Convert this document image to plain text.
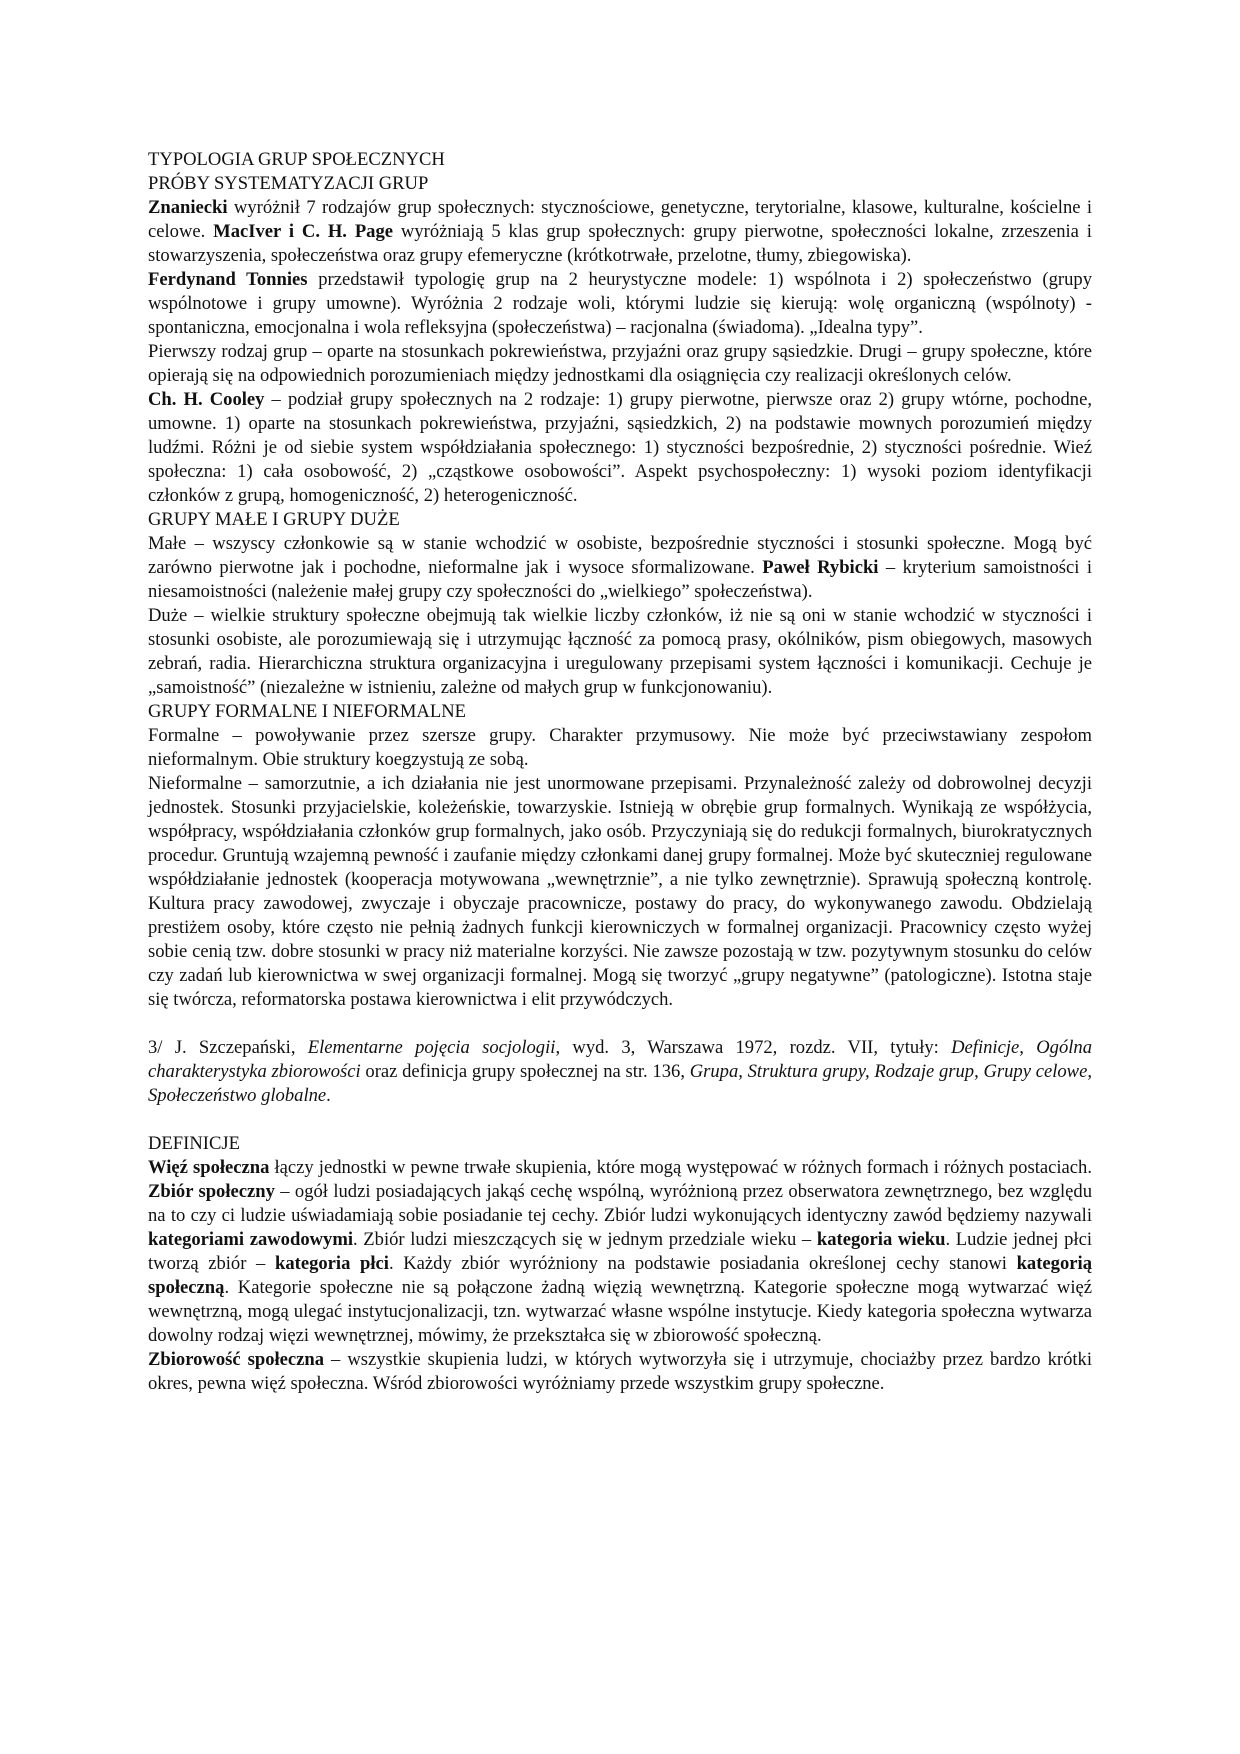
TYPOLOGIA GRUP SPOŁECZNYCH
PRÓBY SYSTEMATYZACJI GRUP

Znaniecki wyróżnił 7 rodzajów grup społecznych: stycznościowe, genetyczne, terytorialne, klasowe, kulturalne, kościelne i celowe. MacIver i C. H. Page wyróżniają 5 klas grup społecznych: grupy pierwotne, społeczności lokalne, zrzeszenia i stowarzyszenia, społeczeństwa oraz grupy efemeryczne (krótkotrwałe, przelotne, tłumy, zbiegowiska).

Ferdynand Tonnies przedstawił typologię grup na 2 heurystyczne modele: 1) wspólnota i 2) społeczeństwo (grupy wspólnotowe i grupy umowne). Wyróżnia 2 rodzaje woli, którymi ludzie się kierują: wolę organiczną (wspólnoty) - spontaniczna, emocjonalna i wola refleksyjna (społeczeństwa) – racjonalna (świadoma). „Idealna typy”.

Pierwszy rodzaj grup – oparte na stosunkach pokrewieństwa, przyjaźni oraz grupy sąsiedzkie. Drugi – grupy społeczne, które opierają się na odpowiednich porozumieniach między jednostkami dla osiągnięcia czy realizacji określonych celów.

Ch. H. Cooley – podział grupy społecznych na 2 rodzaje: 1) grupy pierwotne, pierwsze oraz 2) grupy wtórne, pochodne, umowne. 1) oparte na stosunkach pokrewieństwa, przyjaźni, sąsiedzkich, 2) na podstawie mownych porozumień między ludźmi. Różni je od siebie system współdziałania społecznego: 1) styczności bezpośrednie, 2) styczności pośrednie. Wieź społeczna: 1) cała osobowość, 2) „cząstkowe osobowości”. Aspekt psychospołeczny: 1) wysoki poziom identyfikacji członków z grupą, homogeniczność, 2) heterogeniczność.

GRUPY MAŁE I GRUPY DUŻE

Małe – wszyscy członkowie są w stanie wchodzić w osobiste, bezpośrednie styczności i stosunki społeczne. Mogą być zarówno pierwotne jak i pochodne, nieformalne jak i wysoce sformalizowane. Paweł Rybicki – kryterium samoistności i niesamoistności (należenie małej grupy czy społeczności do „wielkiego” społeczeństwa).

Duże – wielkie struktury społeczne obejmują tak wielkie liczby członków, iż nie są oni w stanie wchodzić w styczności i stosunki osobiste, ale porozumiewają się i utrzymując łączność za pomocą prasy, okólników, pism obiegowych, masowych zebrań, radia. Hierarchiczna struktura organizacyjna i uregulowany przepisami system łączności i komunikacji. Cechuje je „samoistność” (niezależne w istnieniu, zależne od małych grup w funkcjonowaniu).

GRUPY FORMALNE I NIEFORMALNE

Formalne – powoływanie przez szersze grupy. Charakter przymusowy. Nie może być przeciwstawiany zespołom nieformalnym. Obie struktury koegzystują ze sobą.

Nieformalne – samorzutnie, a ich działania nie jest unormowane przepisami. Przynależność zależy od dobrowolnej decyzji jednostek. Stosunki przyjacielskie, koleżeńskie, towarzyskie. Istnieją w obrębie grup formalnych. Wynikają ze współżycia, współpracy, współdziałania członków grup formalnych, jako osób. Przyczyniają się do redukcji formalnych, biurokratycznych procedur. Gruntują wzajemną pewność i zaufanie między członkami danej grupy formalnej. Może być skuteczniej regulowane współdziałanie jednostek (kooperacja motywowana „wewnętrznie”, a nie tylko zewnętrznie). Sprawują społeczną kontrolę. Kultura pracy zawodowej, zwyczaje i obyczaje pracownicze, postawy do pracy, do wykonywanego zawodu. Obdzielają prestiżem osoby, które często nie pełnią żadnych funkcji kierowniczych w formalnej organizacji. Pracownicy często wyżej sobie cenią tzw. dobre stosunki w pracy niż materialne korzyści. Nie zawsze pozostają w tzw. pozytywnym stosunku do celów czy zadań lub kierownictwa w swej organizacji formalnej. Mogą się tworzyć „grupy negatywne” (patologiczne). Istotna staje się twórcza, reformatorska postawa kierownictwa i elit przywódczych.

3/ J. Szczepański, Elementarne pojęcia socjologii, wyd. 3, Warszawa 1972, rozdz. VII, tytuły: Definicje, Ogólna charakterystyka zbiorowości oraz definicja grupy społecznej na str. 136, Grupa, Struktura grupy, Rodzaje grup, Grupy celowe, Społeczeństwo globalne.

DEFINICJE

Więź społeczna łączy jednostki w pewne trwałe skupienia, które mogą występować w różnych formach i różnych postaciach. Zbiór społeczny – ogół ludzi posiadających jakąś cechę wspólną, wyróżnioną przez obserwatora zewnętrznego, bez względu na to czy ci ludzie uświadamiają sobie posiadanie tej cechy. Zbiór ludzi wykonujących identyczny zawód będziemy nazywali kategoriami zawodowymi. Zbiór ludzi mieszczących się w jednym przedziale wieku – kategoria wieku. Ludzie jednej płci tworzą zbiór – kategoria płci. Każdy zbiór wyróżniony na podstawie posiadania określonej cechy stanowi kategorią społeczną. Kategorie społeczne nie są połączone żadną więzią wewnętrzną. Kategorie społeczne mogą wytwarzać więź wewnętrzną, mogą ulegać instytucjonalizacji, tzn. wytwarzać własne wspólne instytucje. Kiedy kategoria społeczna wytwarza dowolny rodzaj więzi wewnętrznej, mówimy, że przekształca się w zbiorowość społeczną.

Zbiorowość społeczna – wszystkie skupienia ludzi, w których wytworzyła się i utrzymuje, chociażby przez bardzo krótki okres, pewna więź społeczna. Wśród zbiorowości wyróżniamy przede wszystkim grupy społeczne.
